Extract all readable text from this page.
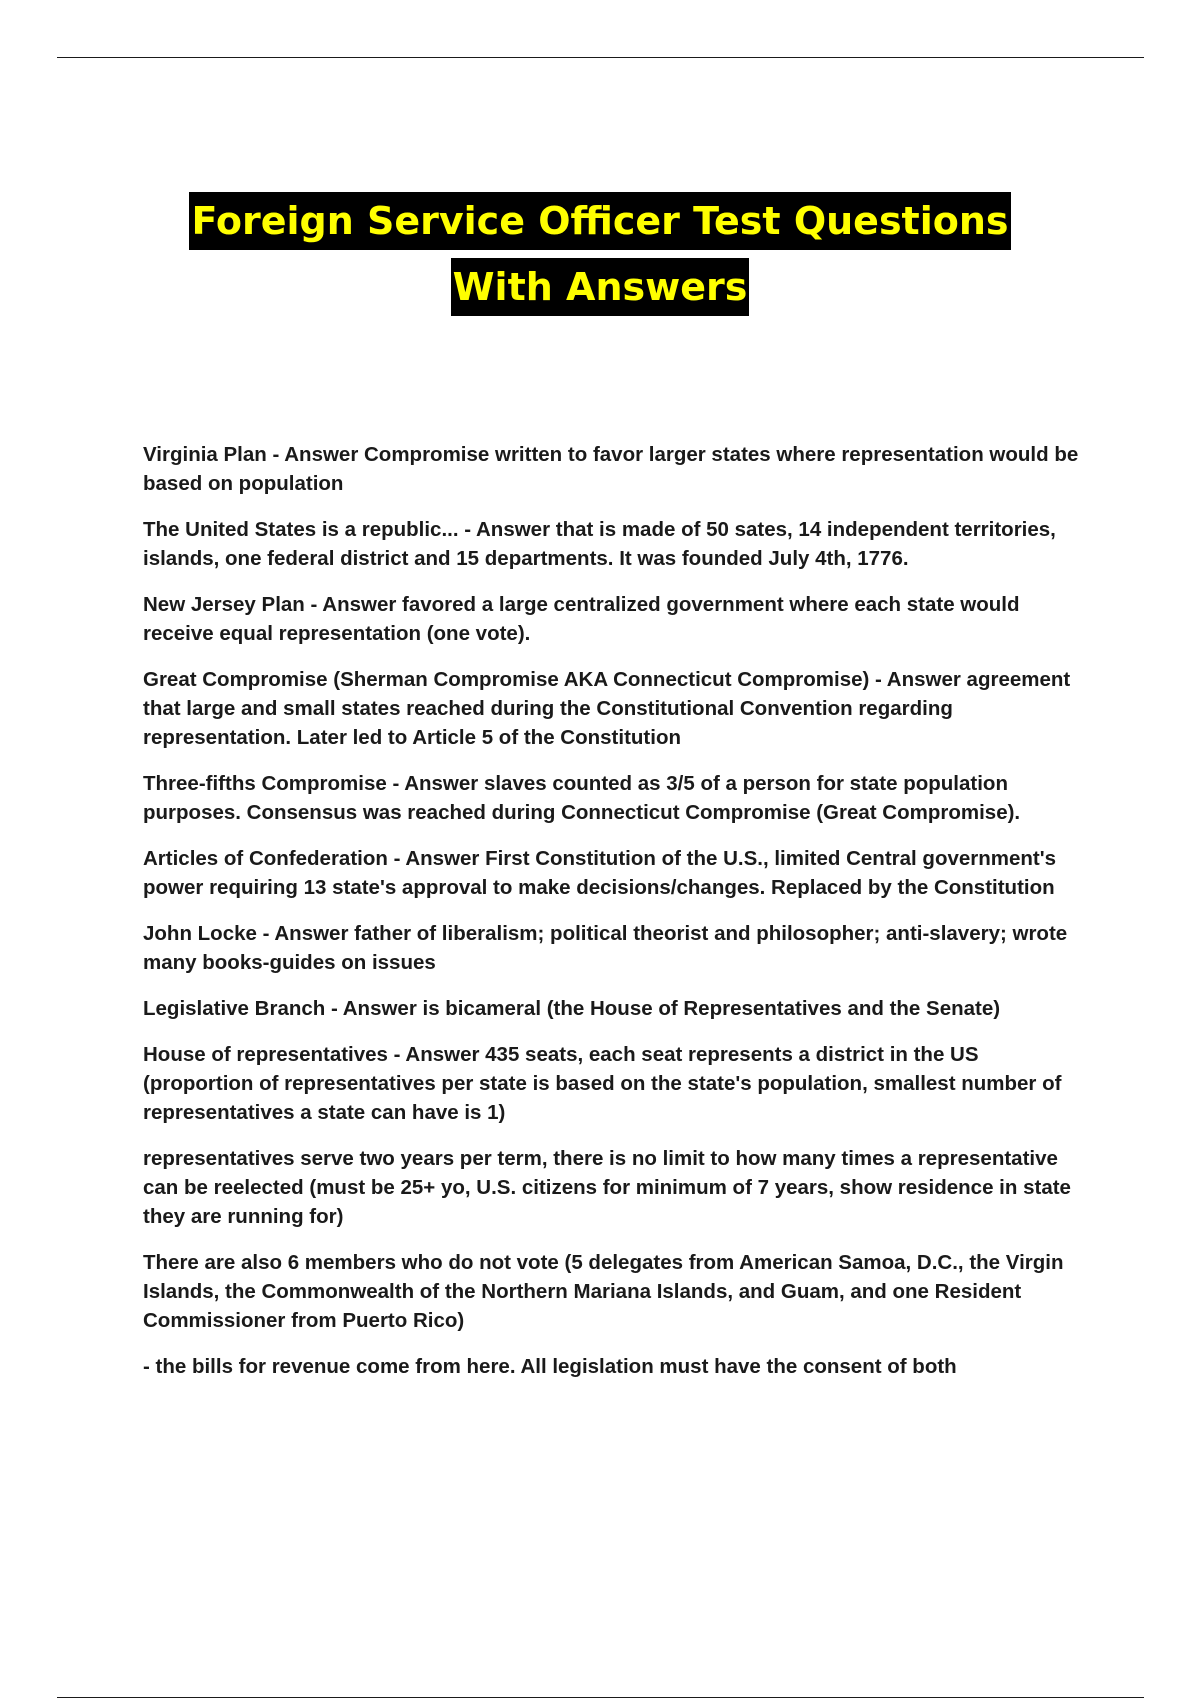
Foreign Service Officer Test Questions
With Answers

Virginia Plan - Answer Compromise written to favor larger states where representation would be based on population

The United States is a republic... - Answer that is made of 50 sates, 14 independent territories, islands, one federal district and 15 departments. It was founded July 4th, 1776.

New Jersey Plan - Answer favored a large centralized government where each state would receive equal representation (one vote).

Great Compromise (Sherman Compromise AKA Connecticut Compromise) - Answer agreement that large and small states reached during the Constitutional Convention regarding representation. Later led to Article 5 of the Constitution

Three-fifths Compromise - Answer slaves counted as 3/5 of a person for state population purposes. Consensus was reached during Connecticut Compromise (Great Compromise).

Articles of Confederation - Answer First Constitution of the U.S., limited Central government's power requiring 13 state's approval to make decisions/changes. Replaced by the Constitution

John Locke - Answer father of liberalism; political theorist and philosopher; anti-slavery; wrote many books-guides on issues

Legislative Branch - Answer is bicameral (the House of Representatives and the Senate)

House of representatives - Answer 435 seats, each seat represents a district in the US (proportion of representatives per state is based on the state's population, smallest number of representatives a state can have is 1)

representatives serve two years per term, there is no limit to how many times a representative can be reelected (must be 25+ yo, U.S. citizens for minimum of 7 years, show residence in state they are running for)

There are also 6 members who do not vote (5 delegates from American Samoa, D.C., the Virgin Islands, the Commonwealth of the Northern Mariana Islands, and Guam, and one Resident Commissioner from Puerto Rico)

- the bills for revenue come from here. All legislation must have the consent of both
